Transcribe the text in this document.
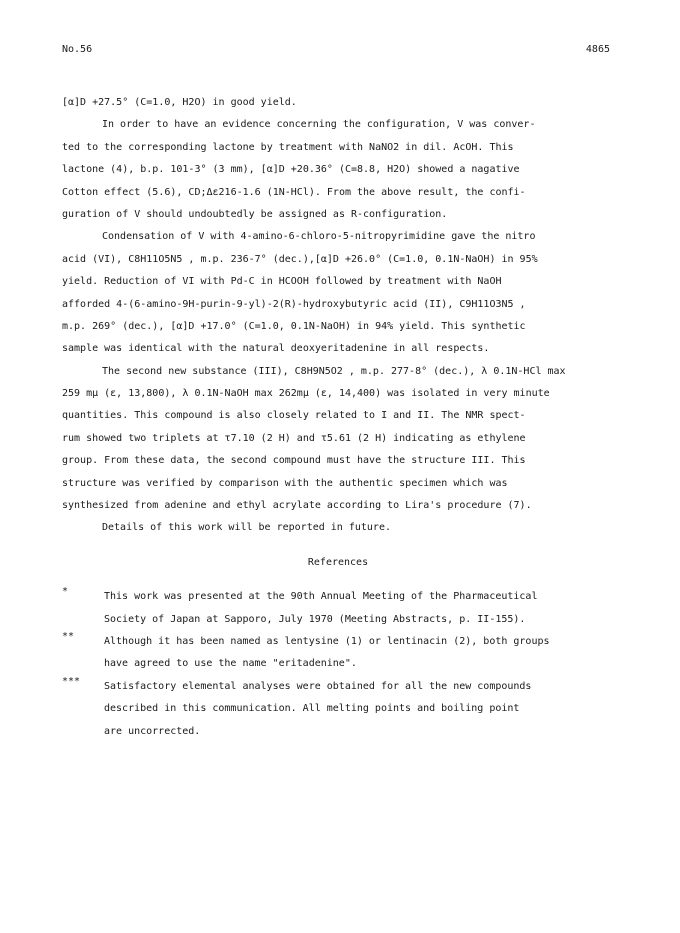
No.56	4865
[α]D +27.5° (C=1.0, H2O) in good yield.
In order to have an evidence concerning the configuration, V was conver-
ted to the corresponding lactone by treatment with NaNO2 in dil. AcOH. This
lactone (4), b.p. 101-3° (3 mm), [α]D +20.36° (C=8.8, H2O) showed a nagative
Cotton effect (5.6), CD;Δε216-1.6 (1N-HCl). From the above result, the confi-
guration of V should undoubtedly be assigned as R-configuration.
Condensation of V with 4-amino-6-chloro-5-nitropyrimidine gave the nitro
acid (VI), C8H11O5N5 , m.p. 236-7° (dec.),[α]D +26.0° (C=1.0, 0.1N-NaOH) in 95%
yield. Reduction of VI with Pd-C in HCOOH followed by treatment with NaOH
afforded 4-(6-amino-9H-purin-9-yl)-2(R)-hydroxybutyric acid (II), C9H11O3N5 ,
m.p. 269° (dec.), [α]D +17.0° (C=1.0, 0.1N-NaOH) in 94% yield. This synthetic
sample was identical with the natural deoxyeritadenine in all respects.
The second new substance (III), C8H9N5O2 , m.p. 277-8° (dec.), λ 0.1N-HCl max
259 mμ (ε, 13,800), λ 0.1N-NaOH max 262mμ (ε, 14,400) was isolated in very minute
quantities. This compound is also closely related to I and II. The NMR spect-
rum showed two triplets at τ7.10 (2 H) and τ5.61 (2 H) indicating as ethylene
group. From these data, the second compound must have the structure III. This
structure was verified by comparison with the authentic specimen which was
synthesized from adenine and ethyl acrylate according to Lira's procedure (7).
Details of this work will be reported in future.
References
*	This work was presented at the 90th Annual Meeting of the Pharmaceutical
Society of Japan at Sapporo, July 1970 (Meeting Abstracts, p. II-155).
**	Although it has been named as lentysine (1) or lentinacin (2), both groups
have agreed to use the name "eritadenine".
*** Satisfactory elemental analyses were obtained for all the new compounds
described in this communication. All melting points and boiling point
are uncorrected.
